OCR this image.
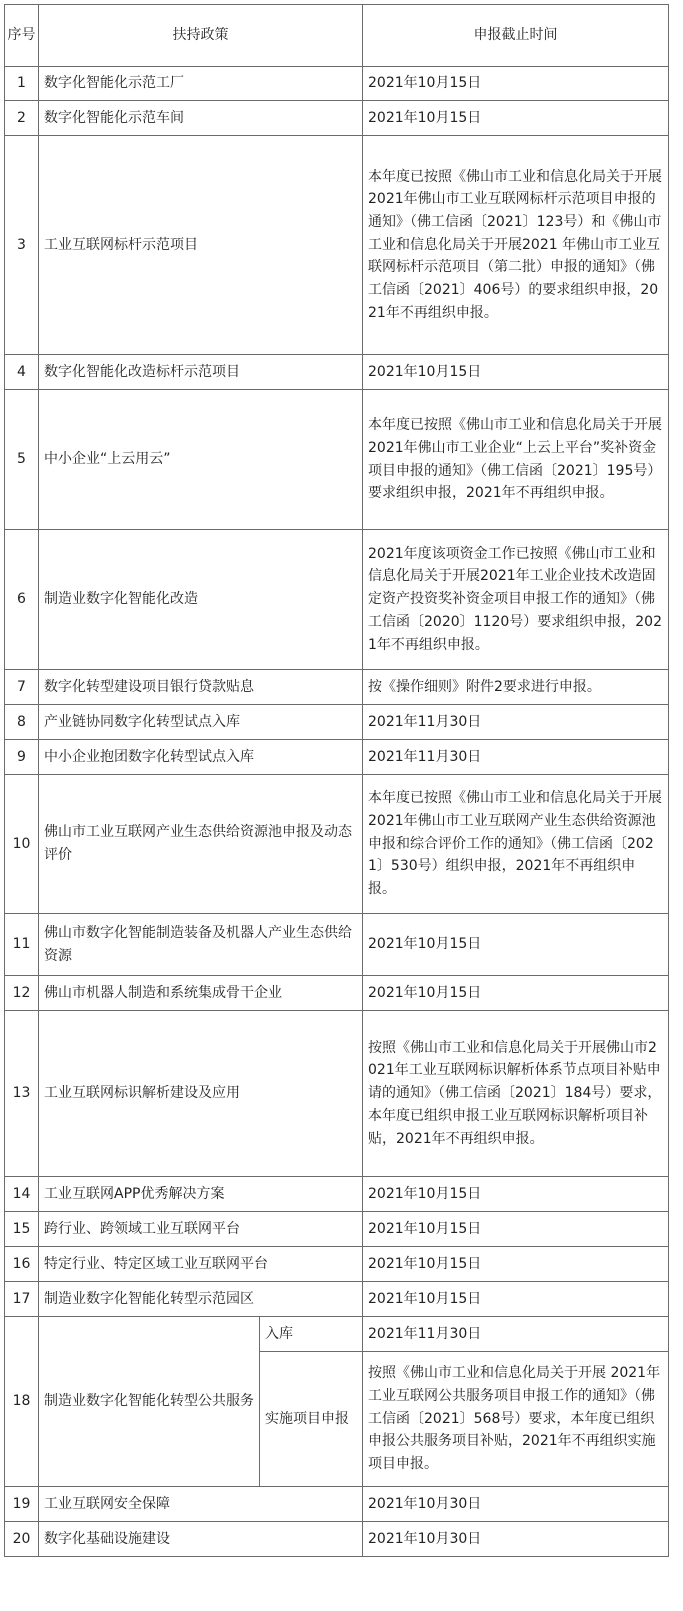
序号	扶持政策		申报截止时间
1	数字化智能化示范工厂		2021年10月15日
2	数字化智能化示范车间		2021年10月15日
3	工业互联网标杆示范项目		本年度已按照《佛山市工业和信息化局关于开展2021年佛山市工业互联网标杆示范项目申报的通知》（佛工信函〔2021〕123号）和《佛山市工业和信息化局关于开展2021 年佛山市工业互联网标杆示范项目（第二批）申报的通知》（佛工信函〔2021〕406号）的要求组织申报，2021年不再组织申报。
4	数字化智能化改造标杆示范项目		2021年10月15日
5	中小企业“上云用云”		本年度已按照《佛山市工业和信息化局关于开展2021年佛山市工业企业“上云上平台”奖补资金项目申报的通知》（佛工信函〔2021〕195号）要求组织申报，2021年不再组织申报。
6	制造业数字化智能化改造		2021年度该项资金工作已按照《佛山市工业和信息化局关于开展2021年工业企业技术改造固定资产投资奖补资金项目申报工作的通知》（佛工信函〔2020〕1120号）要求组织申报，2021年不再组织申报。
7	数字化转型建设项目银行贷款贴息		按《操作细则》附件2要求进行申报。
8	产业链协同数字化转型试点入库		2021年11月30日
9	中小企业抱团数字化转型试点入库		2021年11月30日
10	佛山市工业互联网产业生态供给资源池申报及动态评价		本年度已按照《佛山市工业和信息化局关于开展2021年佛山市工业互联网产业生态供给资源池申报和综合评价工作的通知》（佛工信函〔2021〕530号）组织申报，2021年不再组织申报。
11	佛山市数字化智能制造装备及机器人产业生态供给资源		2021年10月15日
12	佛山市机器人制造和系统集成骨干企业		2021年10月15日
13	工业互联网标识解析建设及应用		按照《佛山市工业和信息化局关于开展佛山市2021年工业互联网标识解析体系节点项目补贴申请的通知》（佛工信函〔2021〕184号）要求，本年度已组织申报工业互联网标识解析项目补贴，2021年不再组织申报。
14	工业互联网APP优秀解决方案		2021年10月15日
15	跨行业、跨领域工业互联网平台		2021年10月15日
16	特定行业、特定区域工业互联网平台		2021年10月15日
17	制造业数字化智能化转型示范园区		2021年10月15日
18	制造业数字化智能化转型公共服务	入库	2021年11月30日
		实施项目申报	按照《佛山市工业和信息化局关于开展 2021年工业互联网公共服务项目申报工作的通知》（佛工信函〔2021〕568号）要求，本年度已组织申报公共服务项目补贴，2021年不再组织实施项目申报。
19	工业互联网安全保障		2021年10月30日
20	数字化基础设施建设		2021年10月30日
